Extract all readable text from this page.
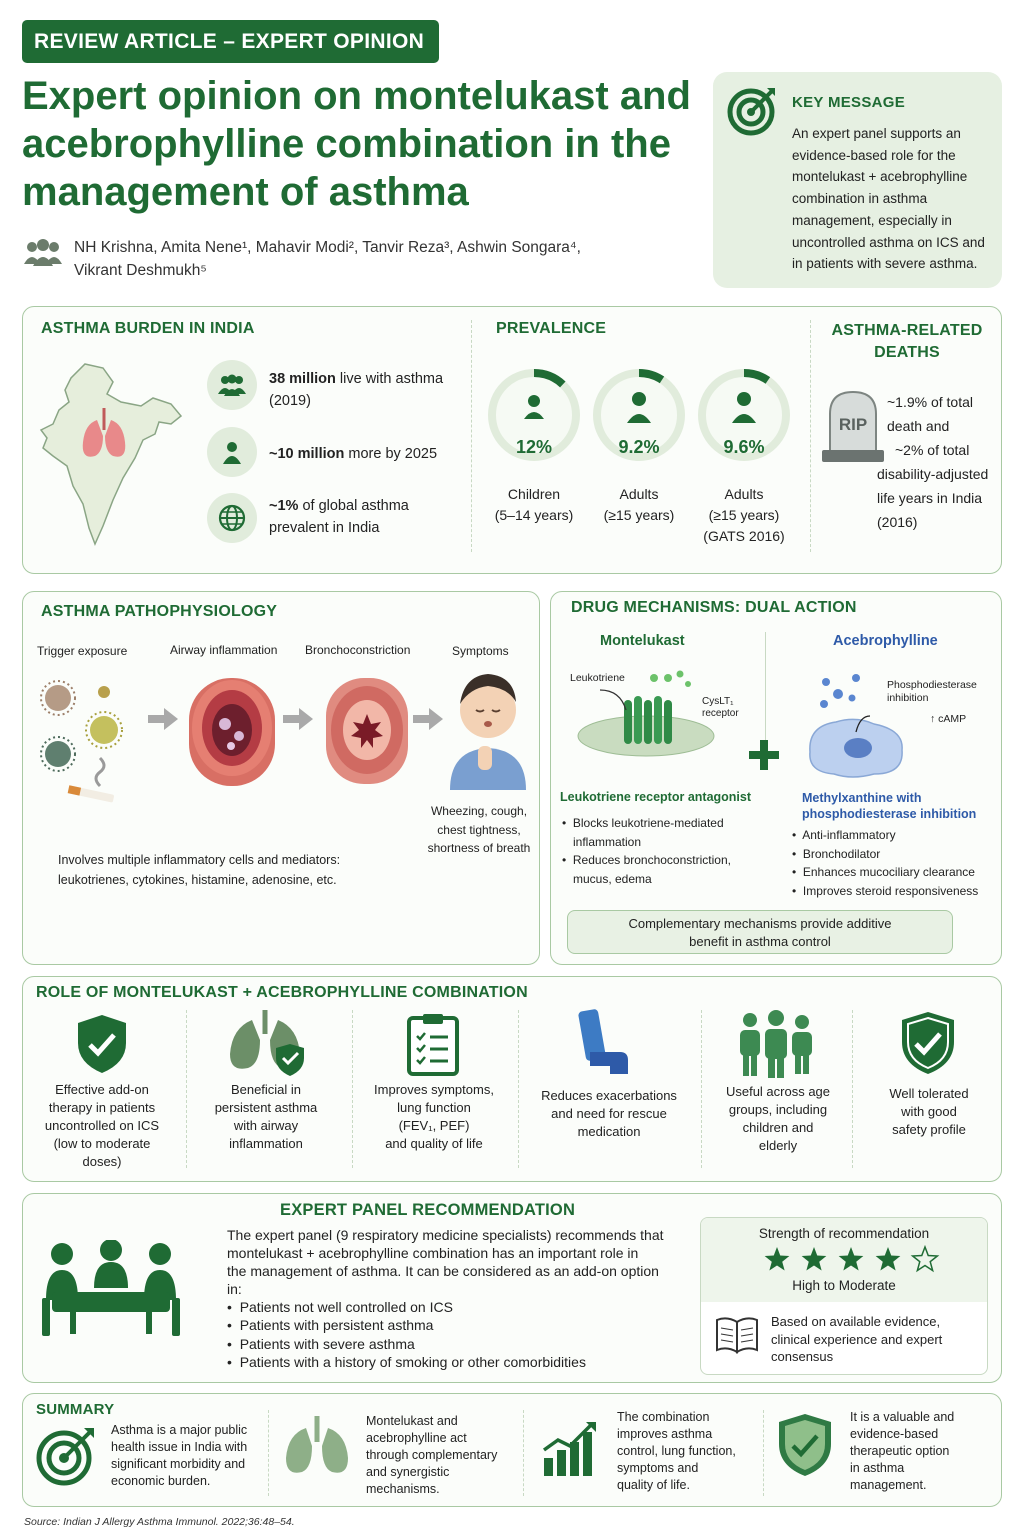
REVIEW ARTICLE – EXPERT OPINION
Expert opinion on montelukast and
acebrophylline combination in the
management of asthma
NH Krishna, Amita Nene¹, Mahavir Modi², Tanvir Reza³, Ashwin Songara⁴,
Vikrant Deshmukh⁵
KEY MESSAGE
An expert panel supports an
evidence-based role for the
montelukast + acebrophylline
combination in asthma
management, especially in
uncontrolled asthma on ICS and
in patients with severe asthma.
ASTHMA BURDEN IN INDIA
38 million live with asthma
(2019)
~10 million more by 2025
~1% of global asthma
prevalent in India
PREVALENCE
12%
Children
(5–14 years)
9.2%
Adults
(≥15 years)
9.6%
Adults
(≥15 years)
(GATS 2016)
ASTHMA-RELATED
DEATHS
RIP
~1.9% of total
death and
~2% of total
disability-adjusted
life years in India
(2016)
ASTHMA PATHOPHYSIOLOGY
Trigger exposure	Airway inflammation Bronchoconstriction	Symptoms
Wheezing, cough,
chest tightness,
shortness of breath
Involves multiple inflammatory cells and mediators:
leukotrienes, cytokines, histamine, adenosine, etc.
DRUG MECHANISMS: DUAL ACTION
Montelukast	Acebrophylline
Leukotriene
CysLT₁
receptor
Phosphodiesterase
inhibition
↑ cAMP
Leukotriene receptor antagonist
•  Blocks leukotriene-mediated
inflammation
•  Reduces bronchoconstriction,
mucus, edema
Methylxanthine with
phosphodiesterase inhibition
•  Anti-inflammatory
•  Bronchodilator
•  Enhances mucociliary clearance
•  Improves steroid responsiveness
Complementary mechanisms provide additive
benefit in asthma control
ROLE OF MONTELUKAST + ACEBROPHYLLINE COMBINATION
Effective add-on
therapy in patients
uncontrolled on ICS
(low to moderate
doses)
Beneficial in
persistent asthma
with airway
inflammation
Improves symptoms,
lung function
(FEV₁, PEF)
and quality of life
Reduces exacerbations
and need for rescue
medication
Useful across age
groups, including
children and
elderly
Well tolerated
with good
safety profile
EXPERT PANEL RECOMMENDATION
The expert panel (9 respiratory medicine specialists) recommends that
montelukast + acebrophylline combination has an important role in
the management of asthma. It can be considered as an add-on option
in:
•  Patients not well controlled on ICS
•  Patients with persistent asthma
•  Patients with severe asthma
•  Patients with a history of smoking or other comorbidities
Strength of recommendation
High to Moderate
Based on available evidence,
clinical experience and expert
consensus
SUMMARY
Asthma is a major public
health issue in India with
significant morbidity and
economic burden.
Montelukast and
acebrophylline act
through complementary
and synergistic
mechanisms.
The combination
improves asthma
control, lung function,
symptoms and
quality of life.
It is a valuable and
evidence-based
therapeutic option
in asthma
management.
Source: Indian J Allergy Asthma Immunol. 2022;36:48–54.
